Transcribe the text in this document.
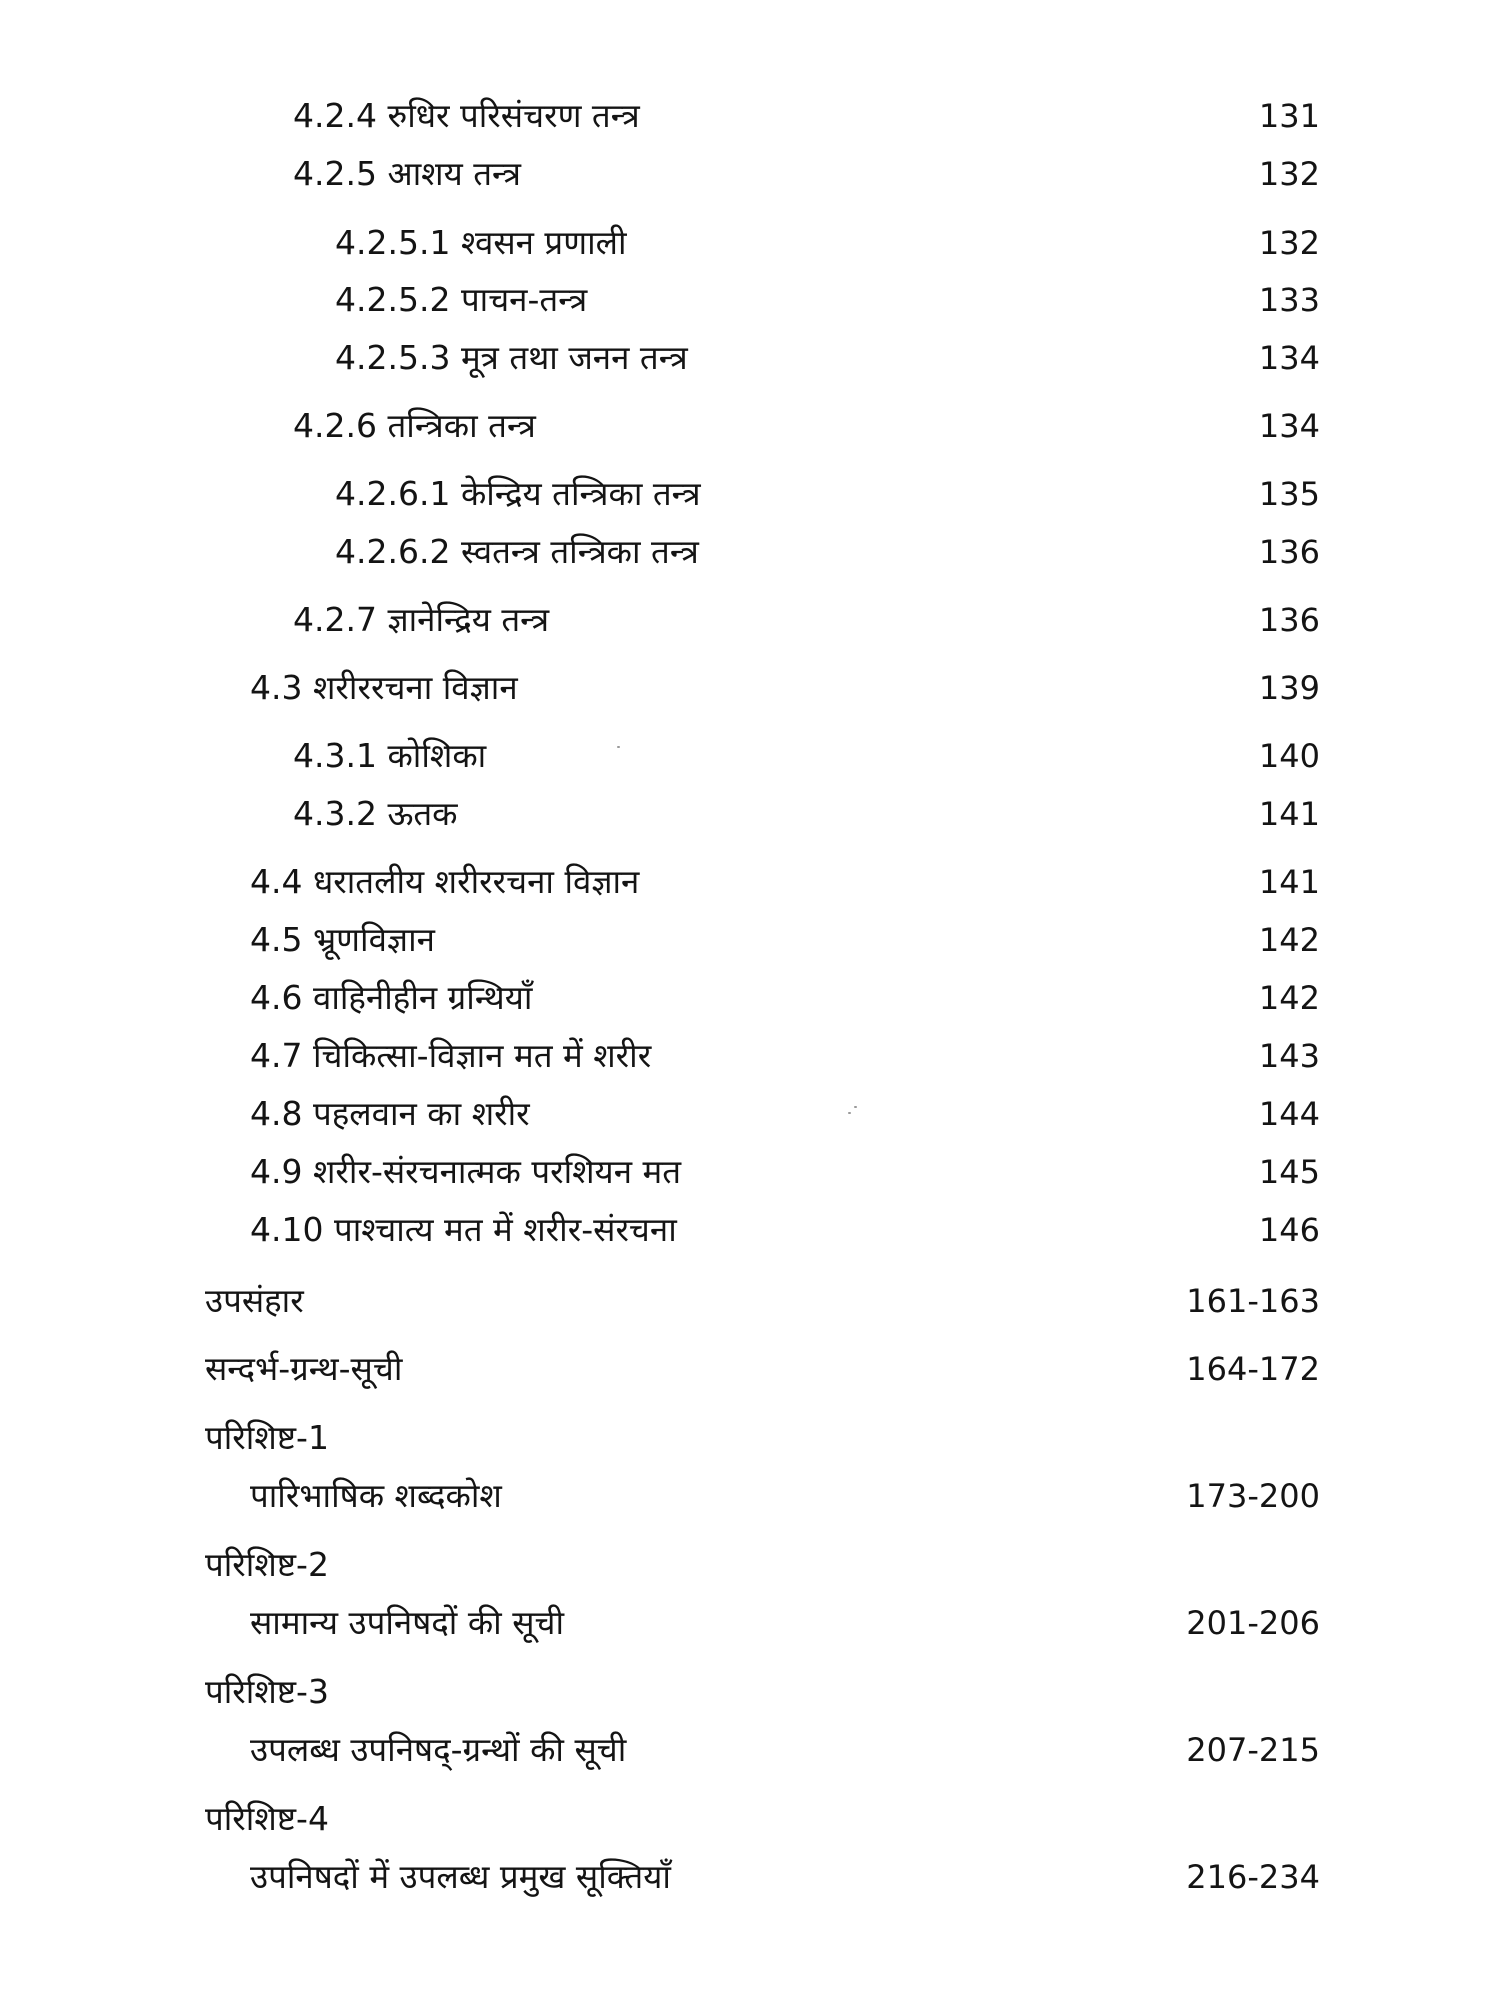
4.2.4 रुधिर परिसंचरण तन्त्र	131
4.2.5 आशय तन्त्र	132
4.2.5.1 श्वसन प्रणाली	132
4.2.5.2 पाचन-तन्त्र	133
4.2.5.3 मूत्र तथा जनन तन्त्र	134
4.2.6 तन्त्रिका तन्त्र	134
4.2.6.1 केन्द्रिय तन्त्रिका तन्त्र	135
4.2.6.2 स्वतन्त्र तन्त्रिका तन्त्र	136
4.2.7 ज्ञानेन्द्रिय तन्त्र	136
4.3 शरीररचना विज्ञान	139
4.3.1 कोशिका	140
4.3.2 ऊतक	141
4.4 धरातलीय शरीररचना विज्ञान	141
4.5 भ्रूणविज्ञान	142
4.6 वाहिनीहीन ग्रन्थियाँ	142
4.7 चिकित्सा-विज्ञान मत में शरीर	143
4.8 पहलवान का शरीर	144
4.9 शरीर-संरचनात्मक परशियन मत	145
4.10 पाश्चात्य मत में शरीर-संरचना	146
उपसंहार	161-163
सन्दर्भ-ग्रन्थ-सूची	164-172
परिशिष्ट-1
पारिभाषिक शब्दकोश	173-200
परिशिष्ट-2
सामान्य उपनिषदों की सूची	201-206
परिशिष्ट-3
उपलब्ध उपनिषद्-ग्रन्थों की सूची	207-215
परिशिष्ट-4
उपनिषदों में उपलब्ध प्रमुख सूक्तियाँ	216-234
